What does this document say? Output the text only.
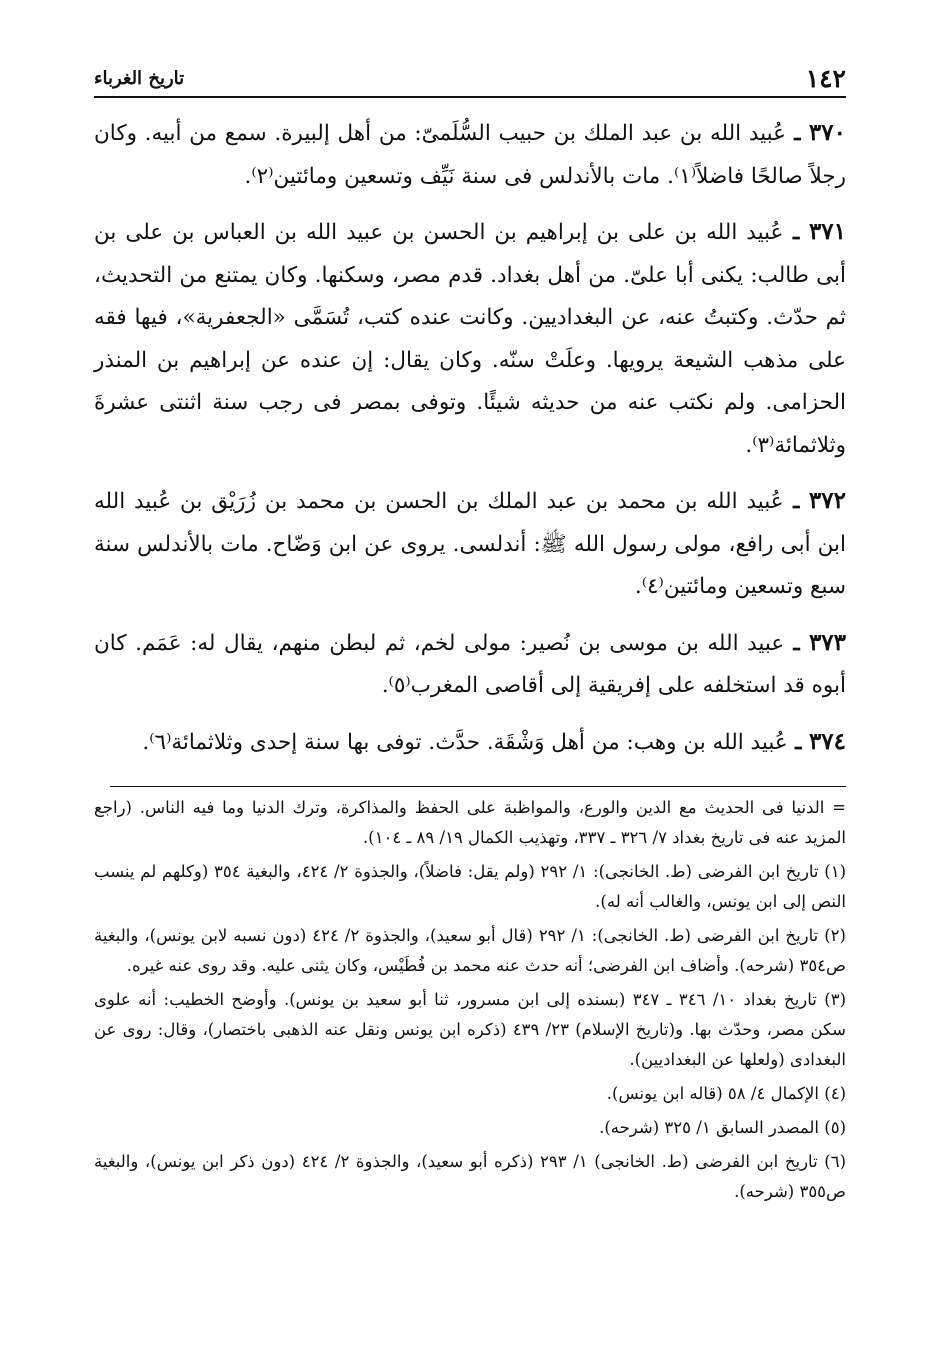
١٤٢
تاريخ الغرباء

٣٧٠ ـ عُبيد الله بن عبد الملك بن حبيب السُّلَمىّ: من أهل إلبيرة. سمع من أبيه. وكان رجلاً صالحًا فاضلاً⁽١⁾. مات بالأندلس فى سنة نَيِّف وتسعين ومائتين⁽٢⁾.

٣٧١ ـ عُبيد الله بن على بن إبراهيم بن الحسن بن عبيد الله بن العباس بن على بن أبى طالب: يكنى أبا علىّ. من أهل بغداد. قدم مصر، وسكنها. وكان يمتنع من التحديث، ثم حدّث. وكتبتُ عنه، عن البغداديين. وكانت عنده كتب، تُسَمَّى «الجعفرية»، فيها فقه على مذهب الشيعة يرويها. وعلَتْ سنّه. وكان يقال: إن عنده عن إبراهيم بن المنذر الحزامى. ولم نكتب عنه من حديثه شيئًا. وتوفى بمصر فى رجب سنة اثنتى عشرةَ وثلاثمائة⁽٣⁾.

٣٧٢ ـ عُبيد الله بن محمد بن عبد الملك بن الحسن بن محمد بن زُرَيْق بن عُبيد الله ابن أبى رافع، مولى رسول الله ﷺ: أندلسى. يروى عن ابن وَضّاح. مات بالأندلس سنة سبع وتسعين ومائتين⁽٤⁾.

٣٧٣ ـ عبيد الله بن موسى بن نُصير: مولى لخم، ثم لبطن منهم، يقال له: عَمَم. كان أبوه قد استخلفه على إفريقية إلى أقاصى المغرب⁽٥⁾.

٣٧٤ ـ عُبيد الله بن وهب: من أهل وَشْقَة. حدَّث. توفى بها سنة إحدى وثلاثمائة⁽٦⁾.

= الدنيا فى الحديث مع الدين والورع، والمواظبة على الحفظ والمذاكرة، وترك الدنيا وما فيه الناس. (راجع المزيد عنه فى تاريخ بغداد ٧/ ٣٢٦ ـ ٣٣٧، وتهذيب الكمال ١٩/ ٨٩ ـ ١٠٤).

(١) تاريخ ابن الفرضى (ط. الخانجى): ١/ ٢٩٢ (ولم يقل: فاضلاً)، والجذوة ٢/ ٤٢٤، والبغية ٣٥٤ (وكلهم لم ينسب النص إلى ابن يونس، والغالب أنه له).

(٢) تاريخ ابن الفرضى (ط. الخانجى): ١/ ٢٩٢ (قال أبو سعيد)، والجذوة ٢/ ٤٢٤ (دون نسبه لابن يونس)، والبغية ص٣٥٤ (شرحه). وأضاف ابن الفرضى؛ أنه حدث عنه محمد بن فُطَيْس، وكان يثنى عليه. وقد روى عنه غيره.

(٣) تاريخ بغداد ١٠/ ٣٤٦ ـ ٣٤٧ (بسنده إلى ابن مسرور، ثنا أبو سعيد بن يونس). وأوضح الخطيب: أنه علوى سكن مصر، وحدّث بها. و(تاريخ الإسلام) ٢٣/ ٤٣٩ (ذكره ابن يونس ونقل عنه الذهبى باختصار)، وقال: روى عن البغدادى (ولعلها عن البغداديين).

(٤) الإكمال ٤/ ٥٨ (قاله ابن يونس).

(٥) المصدر السابق ١/ ٣٢٥ (شرحه).

(٦) تاريخ ابن الفرضى (ط. الخانجى) ١/ ٢٩٣ (ذكره أبو سعيد)، والجذوة ٢/ ٤٢٤ (دون ذكر ابن يونس)، والبغية ص٣٥٥ (شرحه).
